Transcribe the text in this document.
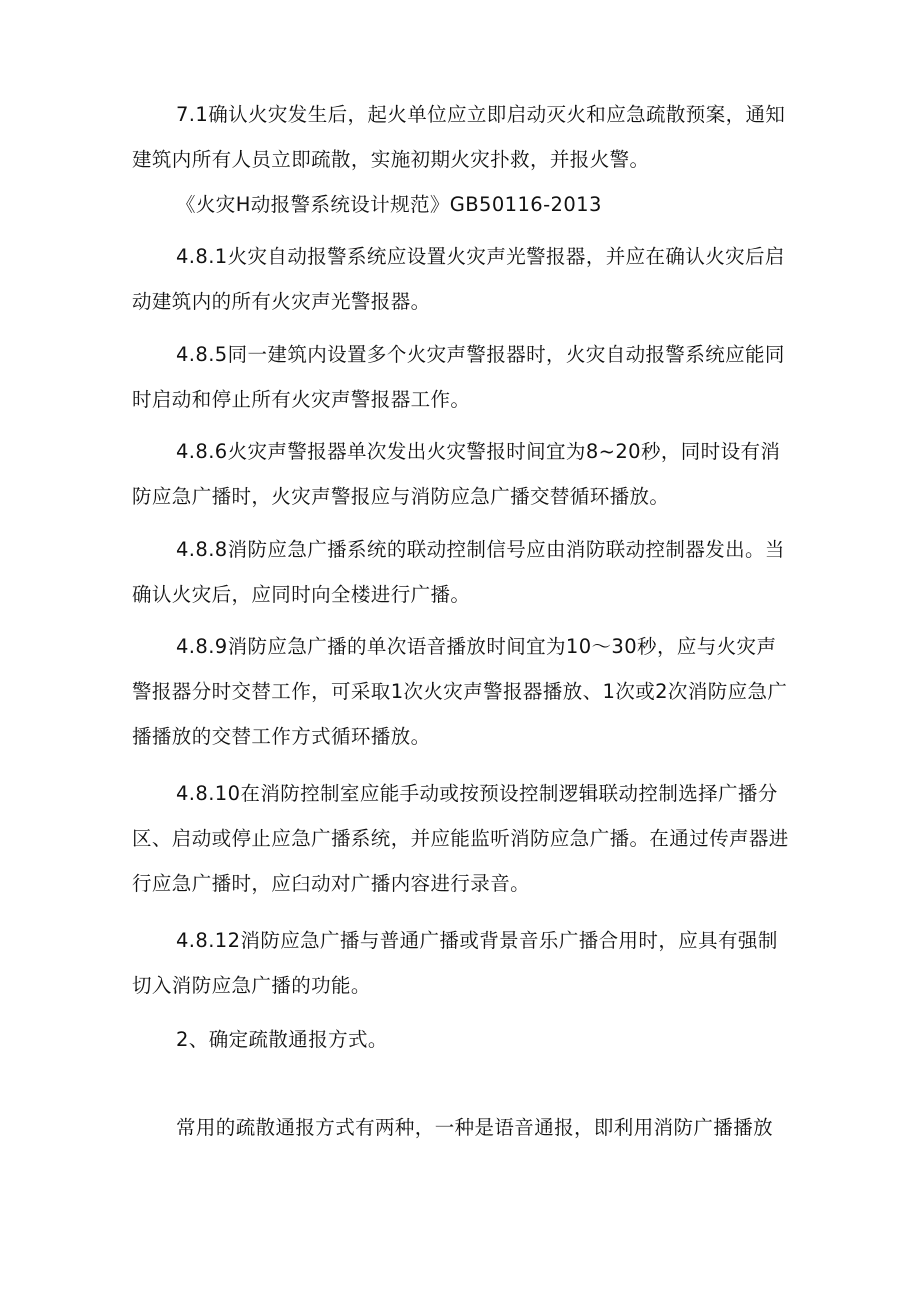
7.1确认火灾发生后，起火单位应立即启动灭火和应急疏散预案，通知建筑内所有人员立即疏散，实施初期火灾扑救，并报火警。

《火灾H动报警系统设计规范》GB50116-2013

4.8.1火灾自动报警系统应设置火灾声光警报器，并应在确认火灾后启动建筑内的所有火灾声光警报器。

4.8.5同一建筑内设置多个火灾声警报器时，火灾自动报警系统应能同时启动和停止所有火灾声警报器工作。

4.8.6火灾声警报器单次发出火灾警报时间宜为8~20秒，同时设有消防应急广播时，火灾声警报应与消防应急广播交替循环播放。

4.8.8消防应急广播系统的联动控制信号应由消防联动控制器发出。当确认火灾后，应同时向全楼进行广播。

4.8.9消防应急广播的单次语音播放时间宜为10～30秒，应与火灾声警报器分时交替工作，可采取1次火灾声警报器播放、1次或2次消防应急广播播放的交替工作方式循环播放。

4.8.10在消防控制室应能手动或按预设控制逻辑联动控制选择广播分区、启动或停止应急广播系统，并应能监听消防应急广播。在通过传声器进行应急广播时，应臼动对广播内容进行录音。

4.8.12消防应急广播与普通广播或背景音乐广播合用时，应具有强制切入消防应急广播的功能。

2、确定疏散通报方式。

常用的疏散通报方式有两种，一种是语音通报，即利用消防广播播放
